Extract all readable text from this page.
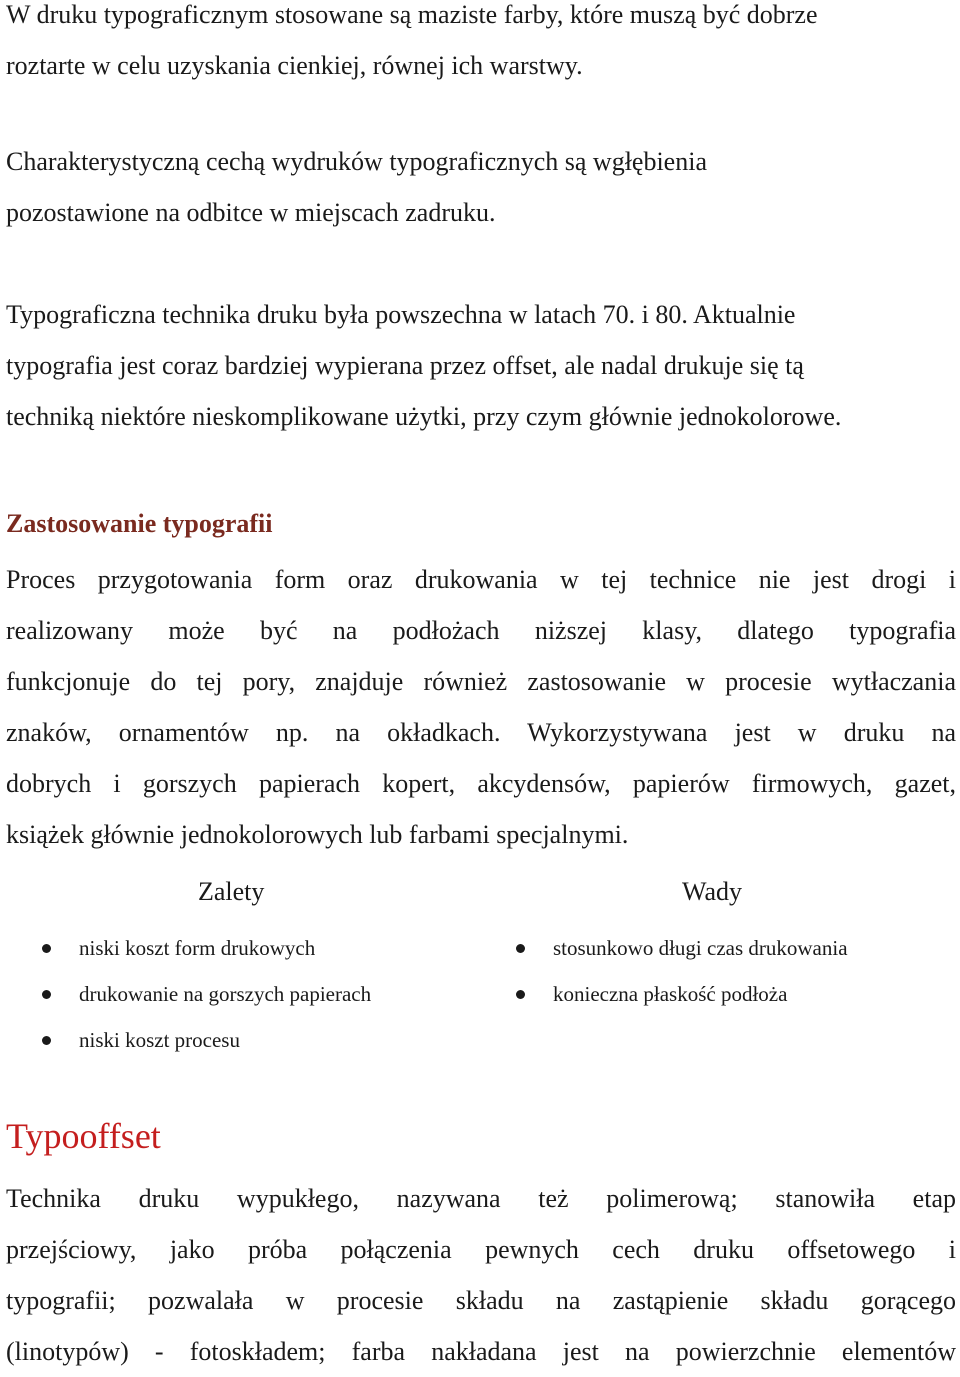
W druku typograficznym stosowane są maziste farby, które muszą być dobrze
roztarte w celu uzyskania cienkiej, równej ich warstwy.
Charakterystyczną cechą wydruków typograficznych są wgłębienia
pozostawione na odbitce w miejscach zadruku.
Typograficzna technika druku była powszechna w latach 70. i 80. Aktualnie
typografia jest coraz bardziej wypierana przez offset, ale nadal drukuje się tą
techniką niektóre nieskomplikowane użytki, przy czym głównie jednokolorowe.
Zastosowanie typografii
Proces przygotowania form oraz drukowania w tej technice nie jest drogi i
realizowany może być na podłożach niższej klasy, dlatego typografia
funkcjonuje do tej pory, znajduje również zastosowanie w procesie wytłaczania
znaków, ornamentów np. na okładkach. Wykorzystywana jest w druku na
dobrych i gorszych papierach kopert, akcydensów, papierów firmowych, gazet,
książek głównie jednokolorowych lub farbami specjalnymi.
Zalety	Wady
niski koszt form drukowych
drukowanie na gorszych papierach
niski koszt procesu
stosunkowo długi czas drukowania
konieczna płaskość podłoża
Typooffset
Technika druku wypukłego, nazywana też polimerową; stanowiła etap
przejściowy, jako próba połączenia pewnych cech druku offsetowego i
typografii; pozwalała w procesie składu na zastąpienie składu gorącego
(linotypów) - fotoskładem; farba nakładana jest na powierzchnie elementów
